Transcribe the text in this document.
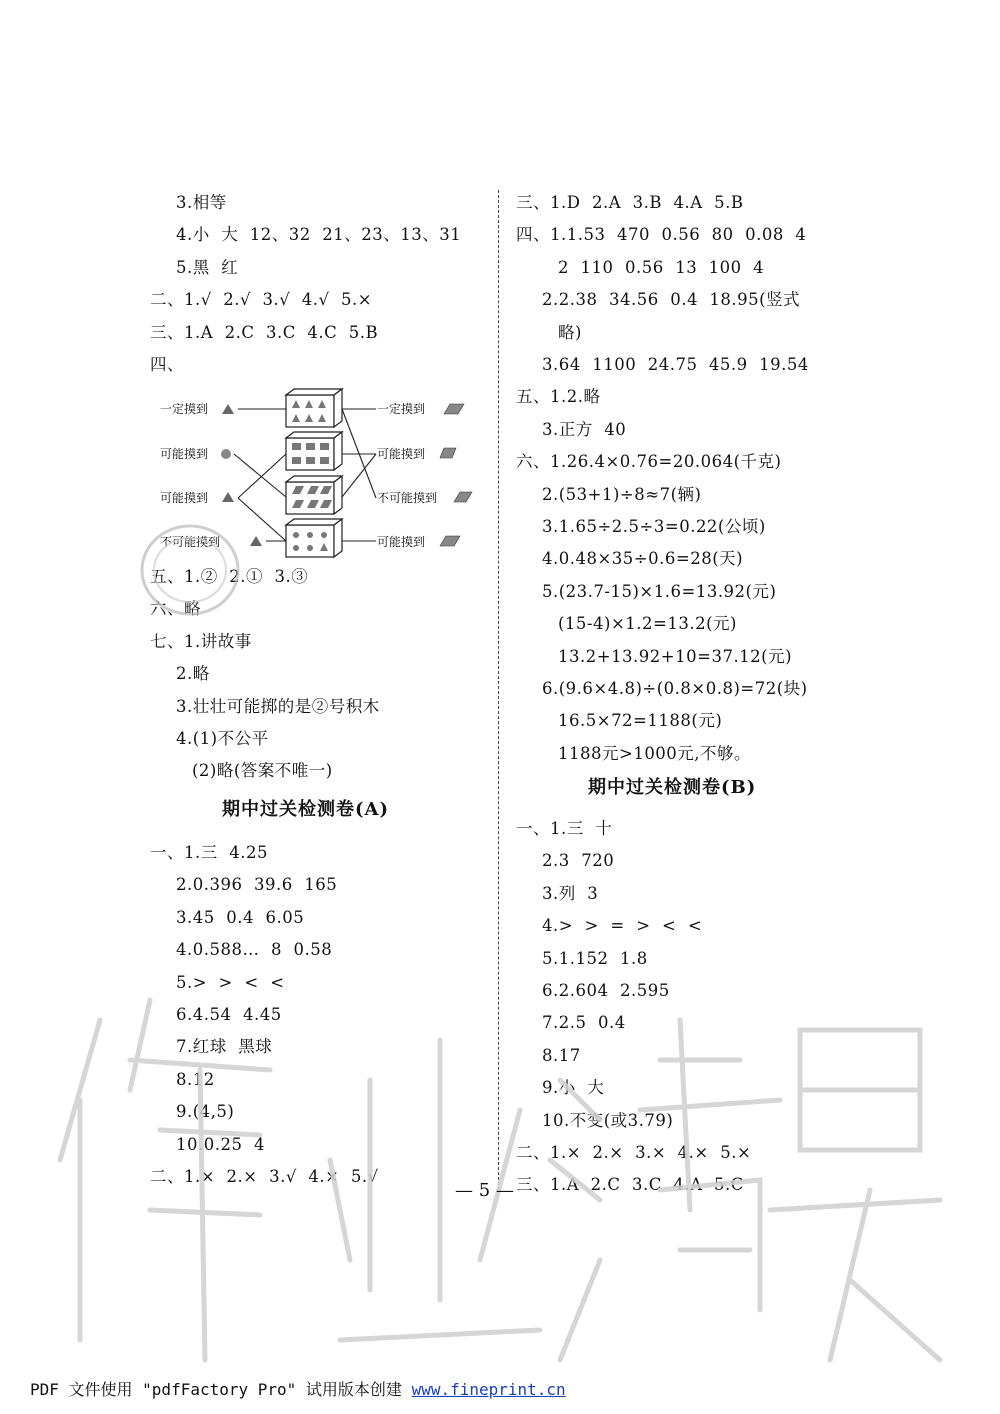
3.相等
4.小  大  12、32  21、23、13、31
5.黑  红
二、1.√  2.√  3.√  4.√  5.×
三、1.A  2.C  3.C  4.C  5.B
四、
五、1.②  2.①  3.③
六、略
七、1.讲故事
2.略
3.壮壮可能掷的是②号积木
4.(1)不公平
(2)略(答案不唯一)
一、1.三  4.25
2.0.396  39.6  165
3.45  0.4  6.05
4.0.588…  8  0.58
5.>  >  <  <
6.4.54  4.45
7.红球  黑球
8.12
9.(4,5)
10.0.25  4
二、1.×  2.×  3.√  4.×  5.√
三、1.D  2.A  3.B  4.A  5.B
四、1.1.53  470  0.56  80  0.08  4
2  110  0.56  13  100  4
2.2.38  34.56  0.4  18.95(竖式
略)
3.64  1100  24.75  45.9  19.54
五、1.2.略
3.正方  40
六、1.26.4×0.76=20.064(千克)
2.(53+1)÷8≈7(辆)
3.1.65÷2.5÷3=0.22(公顷)
4.0.48×35÷0.6=28(天)
5.(23.7-15)×1.6=13.92(元)
(15-4)×1.2=13.2(元)
13.2+13.92+10=37.12(元)
6.(9.6×4.8)÷(0.8×0.8)=72(块)
16.5×72=1188(元)
1188元>1000元,不够。
一、1.三  十
2.3  720
3.列  3
4.>  >  =  >  <  <
5.1.152  1.8
6.2.604  2.595
7.2.5  0.4
8.17
9.小  大
10.不变(或3.79)
二、1.×  2.×  3.×  4.×  5.×
三、1.A  2.C  3.C  4.A  5.C
一定摸到
可能摸到
可能摸到
不可能摸到
一定摸到
可能摸到
不可能摸到
可能摸到
期中过关检测卷(A)
期中过关检测卷(B)
— 5 —
PDF 文件使用 "pdfFactory Pro" 试用版本创建 www.fineprint.cn
